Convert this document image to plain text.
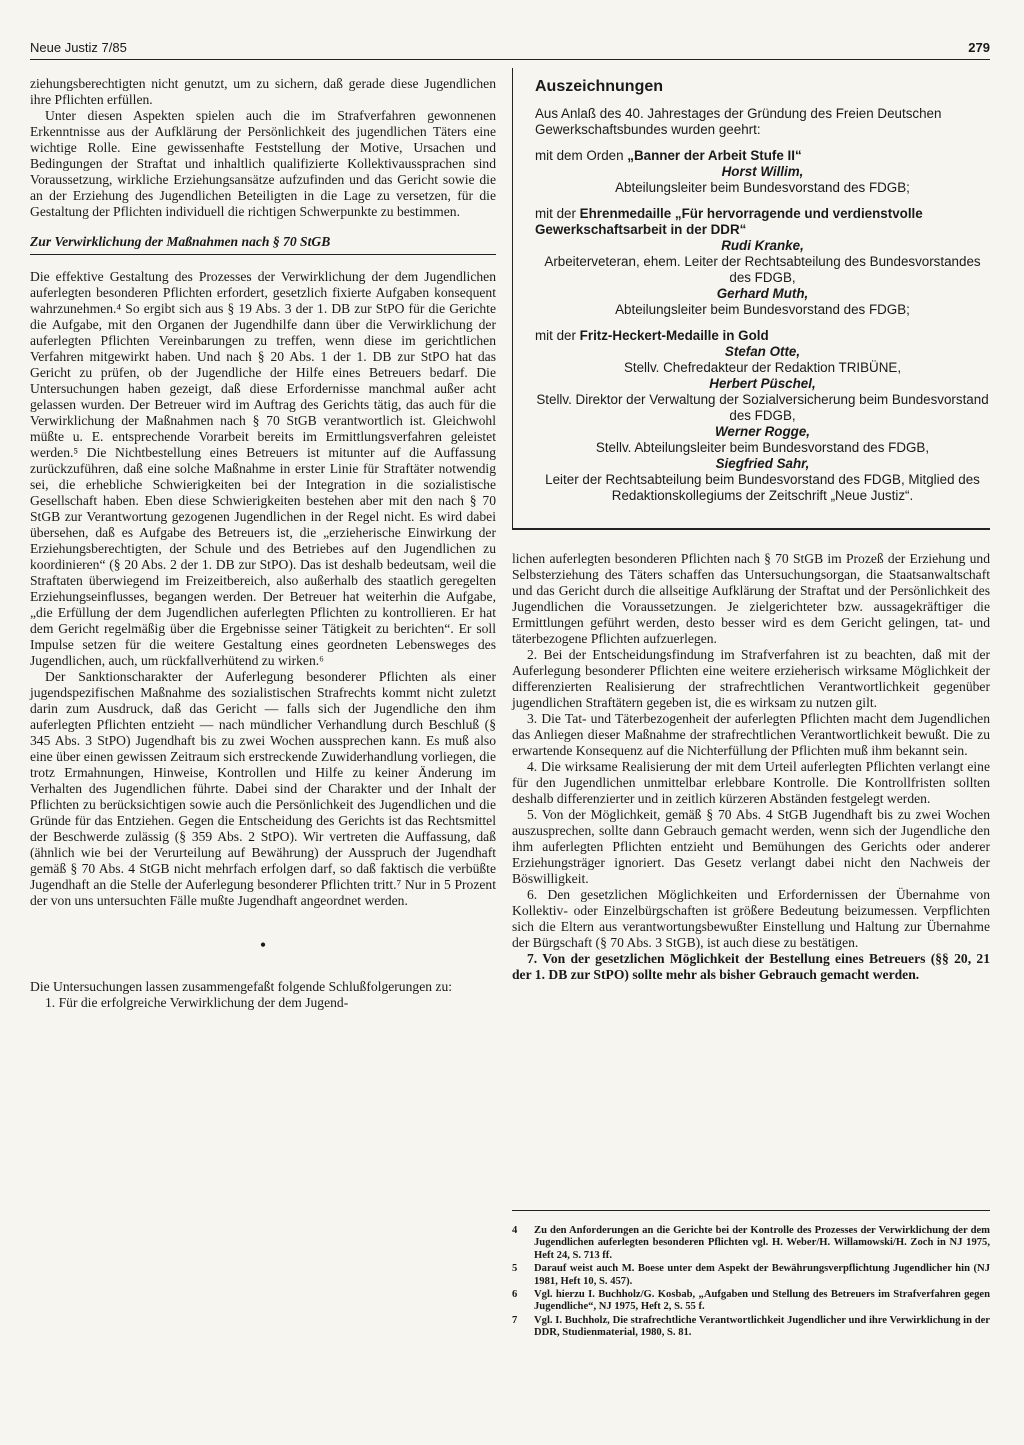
Neue Justiz 7/85	279

ziehungsberechtigten nicht genutzt, um zu sichern, daß gerade diese Jugendlichen ihre Pflichten erfüllen.

Unter diesen Aspekten spielen auch die im Strafverfahren gewonnenen Erkenntnisse aus der Aufklärung der Persönlichkeit des jugendlichen Täters eine wichtige Rolle. Eine gewissenhafte Feststellung der Motive, Ursachen und Bedingungen der Straftat und inhaltlich qualifizierte Kollektivaussprachen sind Voraussetzung, wirkliche Erziehungsansätze aufzufinden und das Gericht sowie die an der Erziehung des Jugendlichen Beteiligten in die Lage zu versetzen, für die Gestaltung der Pflichten individuell die richtigen Schwerpunkte zu bestimmen.

Zur Verwirklichung der Maßnahmen nach § 70 StGB

Die effektive Gestaltung des Prozesses der Verwirklichung der dem Jugendlichen auferlegten besonderen Pflichten erfordert, gesetzlich fixierte Aufgaben konsequent wahrzunehmen.⁴ So ergibt sich aus § 19 Abs. 3 der 1. DB zur StPO für die Gerichte die Aufgabe, mit den Organen der Jugendhilfe dann über die Verwirklichung der auferlegten Pflichten Vereinbarungen zu treffen, wenn diese im gerichtlichen Verfahren mitgewirkt haben. Und nach § 20 Abs. 1 der 1. DB zur StPO hat das Gericht zu prüfen, ob der Jugendliche der Hilfe eines Betreuers bedarf. Die Untersuchungen haben gezeigt, daß diese Erfordernisse manchmal außer acht gelassen wurden. Der Betreuer wird im Auftrag des Gerichts tätig, das auch für die Verwirklichung der Maßnahmen nach § 70 StGB verantwortlich ist. Gleichwohl müßte u. E. entsprechende Vorarbeit bereits im Ermittlungsverfahren geleistet werden.⁵ Die Nichtbestellung eines Betreuers ist mitunter auf die Auffassung zurückzuführen, daß eine solche Maßnahme in erster Linie für Straftäter notwendig sei, die erhebliche Schwierigkeiten bei der Integration in die sozialistische Gesellschaft haben. Eben diese Schwierigkeiten bestehen aber mit den nach § 70 StGB zur Verantwortung gezogenen Jugendlichen in der Regel nicht. Es wird dabei übersehen, daß es Aufgabe des Betreuers ist, die „erzieherische Einwirkung der Erziehungsberechtigten, der Schule und des Betriebes auf den Jugendlichen zu koordinieren“ (§ 20 Abs. 2 der 1. DB zur StPO). Das ist deshalb bedeutsam, weil die Straftaten überwiegend im Freizeitbereich, also außerhalb des staatlich geregelten Erziehungseinflusses, begangen werden. Der Betreuer hat weiterhin die Aufgabe, „die Erfüllung der dem Jugendlichen auferlegten Pflichten zu kontrollieren. Er hat dem Gericht regelmäßig über die Ergebnisse seiner Tätigkeit zu berichten“. Er soll Impulse setzen für die weitere Gestaltung eines geordneten Lebensweges des Jugendlichen, auch, um rückfallverhütend zu wirken.⁶

Der Sanktionscharakter der Auferlegung besonderer Pflichten als einer jugendspezifischen Maßnahme des sozialistischen Strafrechts kommt nicht zuletzt darin zum Ausdruck, daß das Gericht — falls sich der Jugendliche den ihm auferlegten Pflichten entzieht — nach mündlicher Verhandlung durch Beschluß (§ 345 Abs. 3 StPO) Jugendhaft bis zu zwei Wochen aussprechen kann. Es muß also eine über einen gewissen Zeitraum sich erstreckende Zuwiderhandlung vorliegen, die trotz Ermahnungen, Hinweise, Kontrollen und Hilfe zu keiner Änderung im Verhalten des Jugendlichen führte. Dabei sind der Charakter und der Inhalt der Pflichten zu berücksichtigen sowie auch die Persönlichkeit des Jugendlichen und die Gründe für das Entziehen. Gegen die Entscheidung des Gerichts ist das Rechtsmittel der Beschwerde zulässig (§ 359 Abs. 2 StPO). Wir vertreten die Auffassung, daß (ähnlich wie bei der Verurteilung auf Bewährung) der Ausspruch der Jugendhaft gemäß § 70 Abs. 4 StGB nicht mehrfach erfolgen darf, so daß faktisch die verbüßte Jugendhaft an die Stelle der Auferlegung besonderer Pflichten tritt.⁷ Nur in 5 Prozent der von uns untersuchten Fälle mußte Jugendhaft angeordnet werden.

•

Die Untersuchungen lassen zusammengefaßt folgende Schlußfolgerungen zu:

1. Für die erfolgreiche Verwirklichung der dem Jugend-

Auszeichnungen
Aus Anlaß des 40. Jahrestages der Gründung des Freien Deutschen Gewerkschaftsbundes wurden geehrt:
mit dem Orden „Banner der Arbeit Stufe II“
Horst Willim,
Abteilungsleiter beim Bundesvorstand des FDGB;
mit der Ehrenmedaille „Für hervorragende und verdienstvolle Gewerkschaftsarbeit in der DDR“
Rudi Kranke,
Arbeiterveteran, ehem. Leiter der Rechtsabteilung des Bundesvorstandes des FDGB,
Gerhard Muth,
Abteilungsleiter beim Bundesvorstand des FDGB;
mit der Fritz-Heckert-Medaille in Gold
Stefan Otte,
Stellv. Chefredakteur der Redaktion TRIBÜNE,
Herbert Püschel,
Stellv. Direktor der Verwaltung der Sozialversicherung beim Bundesvorstand des FDGB,
Werner Rogge,
Stellv. Abteilungsleiter beim Bundesvorstand des FDGB,
Siegfried Sahr,
Leiter der Rechtsabteilung beim Bundesvorstand des FDGB, Mitglied des Redaktionskollegiums der Zeitschrift „Neue Justiz“.

lichen auferlegten besonderen Pflichten nach § 70 StGB im Prozeß der Erziehung und Selbsterziehung des Täters schaffen das Untersuchungsorgan, die Staatsanwaltschaft und das Gericht durch die allseitige Aufklärung der Straftat und der Persönlichkeit des Jugendlichen die Voraussetzungen. Je zielgerichteter bzw. aussagekräftiger die Ermittlungen geführt werden, desto besser wird es dem Gericht gelingen, tat- und täterbezogene Pflichten aufzuerlegen.

2. Bei der Entscheidungsfindung im Strafverfahren ist zu beachten, daß mit der Auferlegung besonderer Pflichten eine weitere erzieherisch wirksame Möglichkeit der differenzierten Realisierung der strafrechtlichen Verantwortlichkeit gegenüber jugendlichen Straftätern gegeben ist, die es wirksam zu nutzen gilt.

3. Die Tat- und Täterbezogenheit der auferlegten Pflichten macht dem Jugendlichen das Anliegen dieser Maßnahme der strafrechtlichen Verantwortlichkeit bewußt. Die zu erwartende Konsequenz auf die Nichterfüllung der Pflichten muß ihm bekannt sein.

4. Die wirksame Realisierung der mit dem Urteil auferlegten Pflichten verlangt eine für den Jugendlichen unmittelbar erlebbare Kontrolle. Die Kontrollfristen sollten deshalb differenzierter und in zeitlich kürzeren Abständen festgelegt werden.

5. Von der Möglichkeit, gemäß § 70 Abs. 4 StGB Jugendhaft bis zu zwei Wochen auszusprechen, sollte dann Gebrauch gemacht werden, wenn sich der Jugendliche den ihm auferlegten Pflichten entzieht und Bemühungen des Gerichts oder anderer Erziehungsträger ignoriert. Das Gesetz verlangt dabei nicht den Nachweis der Böswilligkeit.

6. Den gesetzlichen Möglichkeiten und Erfordernissen der Übernahme von Kollektiv- oder Einzelbürgschaften ist größere Bedeutung beizumessen. Verpflichten sich die Eltern aus verantwortungsbewußter Einstellung und Haltung zur Übernahme der Bürgschaft (§ 70 Abs. 3 StGB), ist auch diese zu bestätigen.

7. Von der gesetzlichen Möglichkeit der Bestellung eines Betreuers (§§ 20, 21 der 1. DB zur StPO) sollte mehr als bisher Gebrauch gemacht werden.

4	Zu den Anforderungen an die Gerichte bei der Kontrolle des Prozesses der Verwirklichung der dem Jugendlichen auferlegten besonderen Pflichten vgl. H. Weber/H. Willamowski/H. Zoch in NJ 1975, Heft 24, S. 713 ff.
5	Darauf weist auch M. Boese unter dem Aspekt der Bewährungsverpflichtung Jugendlicher hin (NJ 1981, Heft 10, S. 457).
6	Vgl. hierzu I. Buchholz/G. Kosbab, „Aufgaben und Stellung des Betreuers im Strafverfahren gegen Jugendliche“, NJ 1975, Heft 2, S. 55 f.
7	Vgl. I. Buchholz, Die strafrechtliche Verantwortlichkeit Jugendlicher und ihre Verwirklichung in der DDR, Studienmaterial, 1980, S. 81.
